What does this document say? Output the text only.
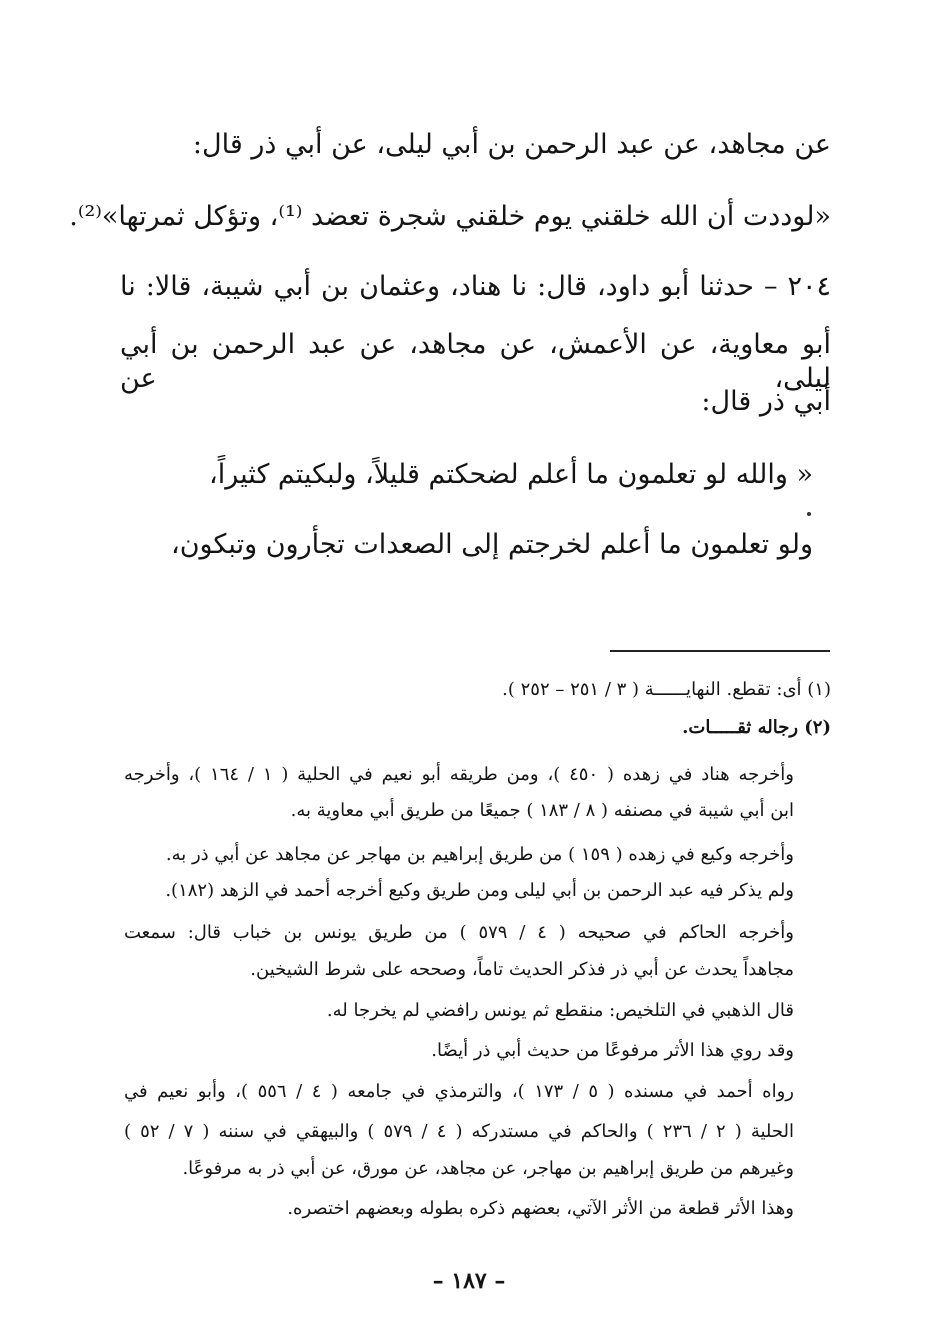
عن مجاهد، عن عبد الرحمن بن أبي ليلى، عن أبي ذر قال:
«لوددت أن الله خلقني يوم خلقني شجرة تعضد ⁽¹⁾، وتؤكل ثمرتها»⁽²⁾.
٢٠٤ – حدثنا أبو داود، قال: نا هناد، وعثمان بن أبي شيبة، قالا: نا
أبو معاوية، عن الأعمش، عن مجاهد، عن عبد الرحمن بن أبي ليلى، عن
أبي ذر قال:
« والله لو تعلمون ما أعلم لضحكتم قليلاً، ولبكيتم كثيراً،
ولو تعلمون ما أعلم لخرجتم إلى الصعدات تجأرون وتبكون،
(١) أى: تقطع. النهايــــــة ( ٣ / ٢٥١ – ٢٥٢ ).
(٢) رجاله ثقـــــات.
وأخرجه هناد في زهده ( ٤٥٠ )، ومن طريقه أبو نعيم في الحلية ( ١ / ١٦٤ )، وأخرجه
ابن أبي شيبة في مصنفه ( ٨ / ١٨٣ ) جميعًا من طريق أبي معاوية به.
وأخرجه وكيع في زهده ( ١٥٩ ) من طريق إبراهيم بن مهاجر عن مجاهد عن أبي ذر به.
ولم يذكر فيه عبد الرحمن بن أبي ليلى ومن طريق وكيع أخرجه أحمد في الزهد (١٨٢).
وأخرجه الحاكم في صحيحه ( ٤ / ٥٧٩ ) من طريق يونس بن خباب قال: سمعت
مجاهداً يحدث عن أبي ذر فذكر الحديث تاماً، وصححه على شرط الشيخين.
قال الذهبي في التلخيص: منقطع ثم يونس رافضي لم يخرجا له.
وقد روي هذا الأثر مرفوعًا من حديث أبي ذر أيضًا.
رواه أحمد في مسنده ( ٥ / ١٧٣ )، والترمذي في جامعه ( ٤ / ٥٥٦ )، وأبو نعيم في
الحلية ( ٢ / ٢٣٦ ) والحاكم في مستدركه ( ٤ / ٥٧٩ ) والبيهقي في سننه ( ٧ / ٥٢ )
وغيرهم من طريق إبراهيم بن مهاجر، عن مجاهد، عن مورق، عن أبي ذر به مرفوعًا.
وهذا الأثر قطعة من الأثر الآتي، بعضهم ذكره بطوله وبعضهم اختصره.
– ١٨٧ –
